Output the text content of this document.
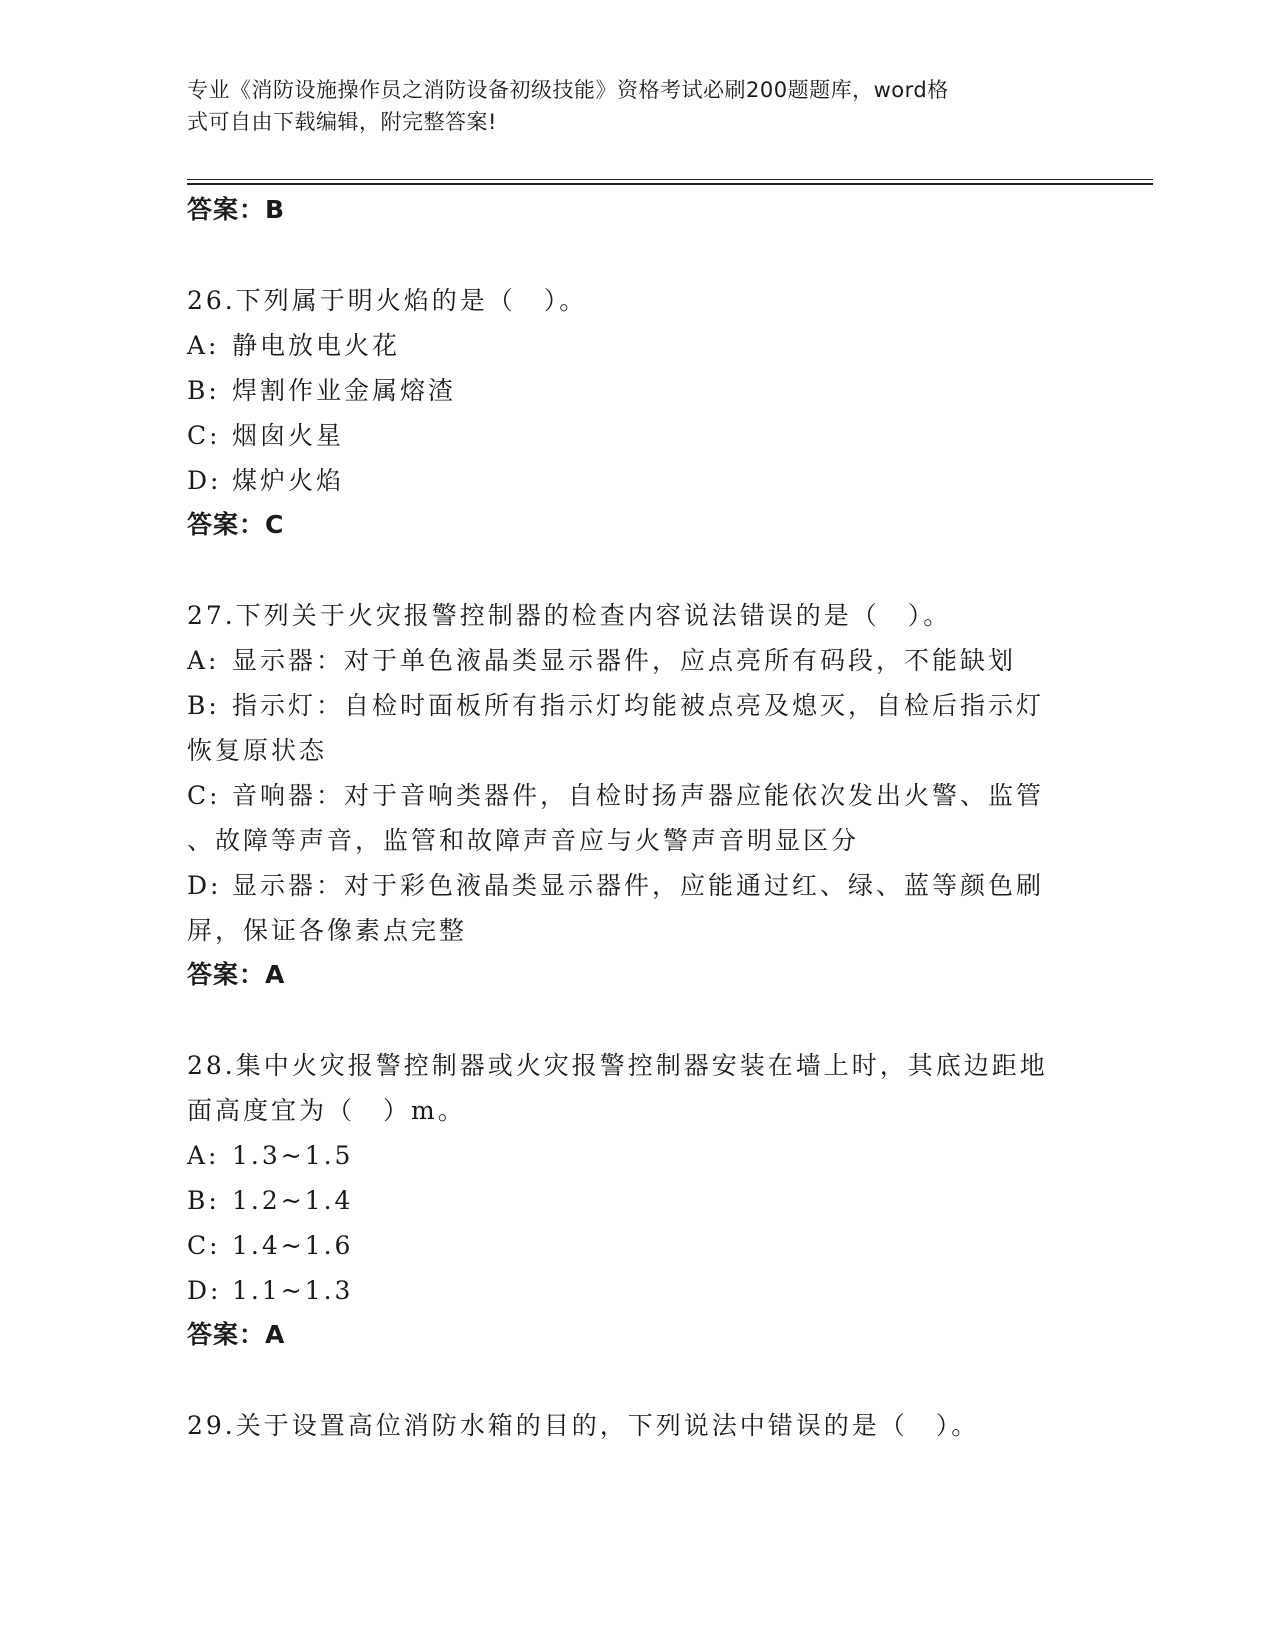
专业《消防设施操作员之消防设备初级技能》资格考试必刷200题题库，word格
式可自由下载编辑，附完整答案!
答案：B
26.下列属于明火焰的是（　）。
A: 静电放电火花
B: 焊割作业金属熔渣
C: 烟囱火星
D: 煤炉火焰
答案：C
27.下列关于火灾报警控制器的检查内容说法错误的是（　）。
A: 显示器：对于单色液晶类显示器件，应点亮所有码段，不能缺划
B: 指示灯：自检时面板所有指示灯均能被点亮及熄灭，自检后指示灯
恢复原状态
C: 音响器：对于音响类器件，自检时扬声器应能依次发出火警、监管
、故障等声音，监管和故障声音应与火警声音明显区分
D: 显示器：对于彩色液晶类显示器件，应能通过红、绿、蓝等颜色刷
屏，保证各像素点完整
答案：A
28.集中火灾报警控制器或火灾报警控制器安装在墙上时，其底边距地
面高度宜为（　）m。
A: 1.3~1.5
B: 1.2~1.4
C: 1.4~1.6
D: 1.1~1.3
答案：A
29.关于设置高位消防水箱的目的，下列说法中错误的是（　）。
